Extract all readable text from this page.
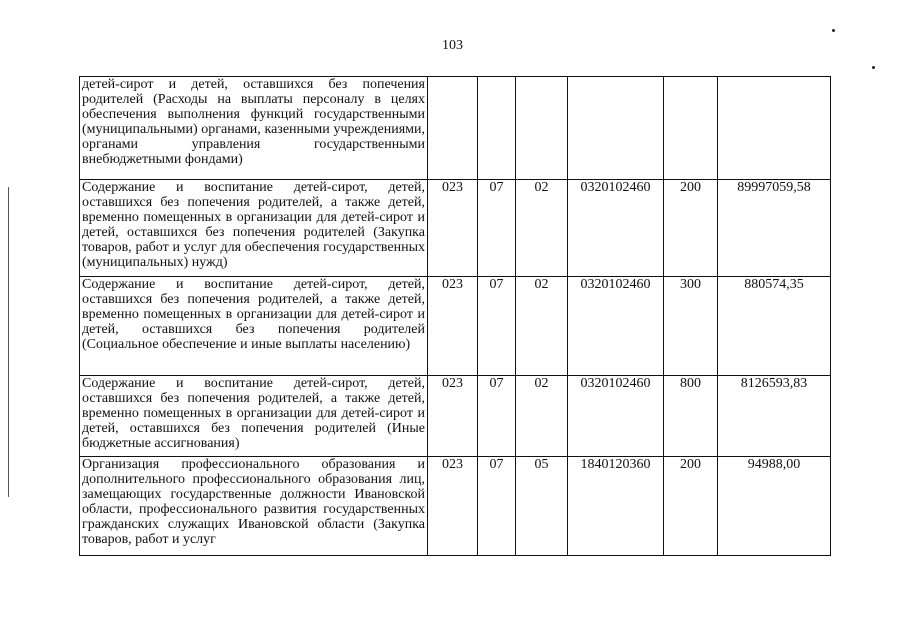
103
детей-сирот и детей, оставшихся без попечения родителей (Расходы на выплаты персоналу в целях обеспечения выполнения функций государственными (муниципальными) органами, казенными учреждениями, органами управления государственными внебюджетными фондами)						
Содержание и воспитание детей-сирот, детей, оставшихся без попечения родителей, а также детей, временно помещенных в организации для детей-сирот и детей, оставшихся без попечения родителей (Закупка товаров, работ и услуг для обеспечения государственных (муниципальных) нужд)	023	07	02	0320102460	200	89997059,58
Содержание и воспитание детей-сирот, детей, оставшихся без попечения родителей, а также детей, временно помещенных в организации для детей-сирот и детей, оставшихся без попечения родителей (Социальное обеспечение и иные выплаты населению)	023	07	02	0320102460	300	880574,35
Содержание и воспитание детей-сирот, детей, оставшихся без попечения родителей, а также детей, временно помещенных в организации для детей-сирот и детей, оставшихся без попечения родителей (Иные бюджетные ассигнования)	023	07	02	0320102460	800	8126593,83
Организация профессионального образования и дополнительного профессионального образования лиц, замещающих государственные должности Ивановской области, профессионального развития государственных гражданских служащих Ивановской области (Закупка товаров, работ и услуг	023	07	05	1840120360	200	94988,00
